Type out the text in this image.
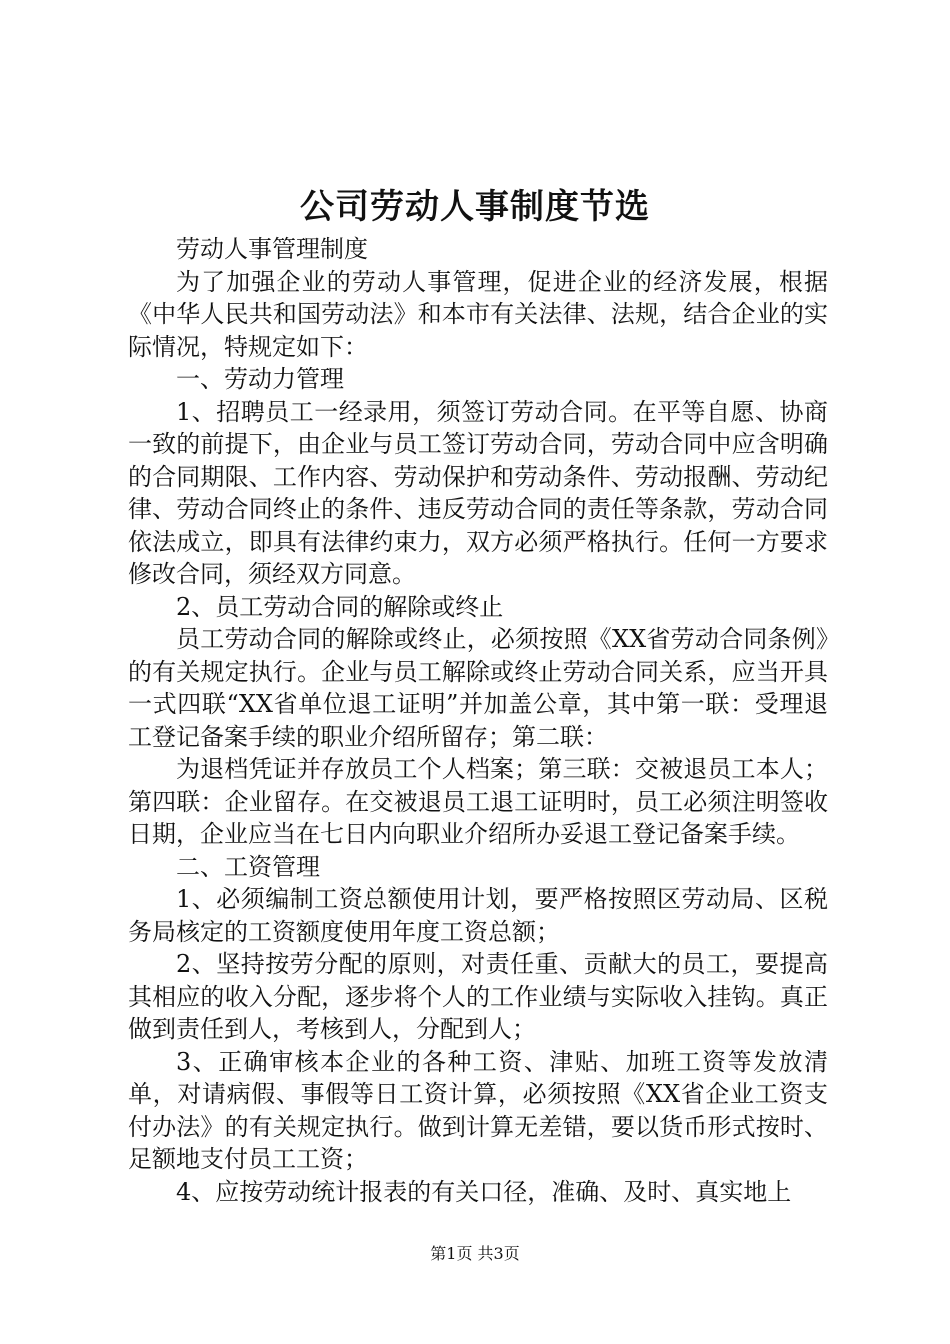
公司劳动人事制度节选

劳动人事管理制度

为了加强企业的劳动人事管理，促进企业的经济发展，根据《中华人民共和国劳动法》和本市有关法律、法规，结合企业的实际情况，特规定如下：

一、劳动力管理

1、招聘员工一经录用，须签订劳动合同。在平等自愿、协商一致的前提下，由企业与员工签订劳动合同，劳动合同中应含明确的合同期限、工作内容、劳动保护和劳动条件、劳动报酬、劳动纪律、劳动合同终止的条件、违反劳动合同的责任等条款，劳动合同依法成立，即具有法律约束力，双方必须严格执行。任何一方要求修改合同，须经双方同意。

2、员工劳动合同的解除或终止

员工劳动合同的解除或终止，必须按照《XX省劳动合同条例》的有关规定执行。企业与员工解除或终止劳动合同关系，应当开具一式四联“XX省单位退工证明”并加盖公章，其中第一联：受理退工登记备案手续的职业介绍所留存；第二联：

为退档凭证并存放员工个人档案；第三联：交被退员工本人；第四联：企业留存。在交被退员工退工证明时，员工必须注明签收日期，企业应当在七日内向职业介绍所办妥退工登记备案手续。

二、工资管理

1、必须编制工资总额使用计划，要严格按照区劳动局、区税务局核定的工资额度使用年度工资总额；

2、坚持按劳分配的原则，对责任重、贡献大的员工，要提高其相应的收入分配，逐步将个人的工作业绩与实际收入挂钩。真正做到责任到人，考核到人，分配到人；

3、正确审核本企业的各种工资、津贴、加班工资等发放清单，对请病假、事假等日工资计算，必须按照《XX省企业工资支付办法》的有关规定执行。做到计算无差错，要以货币形式按时、足额地支付员工工资；

4、应按劳动统计报表的有关口径，准确、及时、真实地上

第1页 共3页
